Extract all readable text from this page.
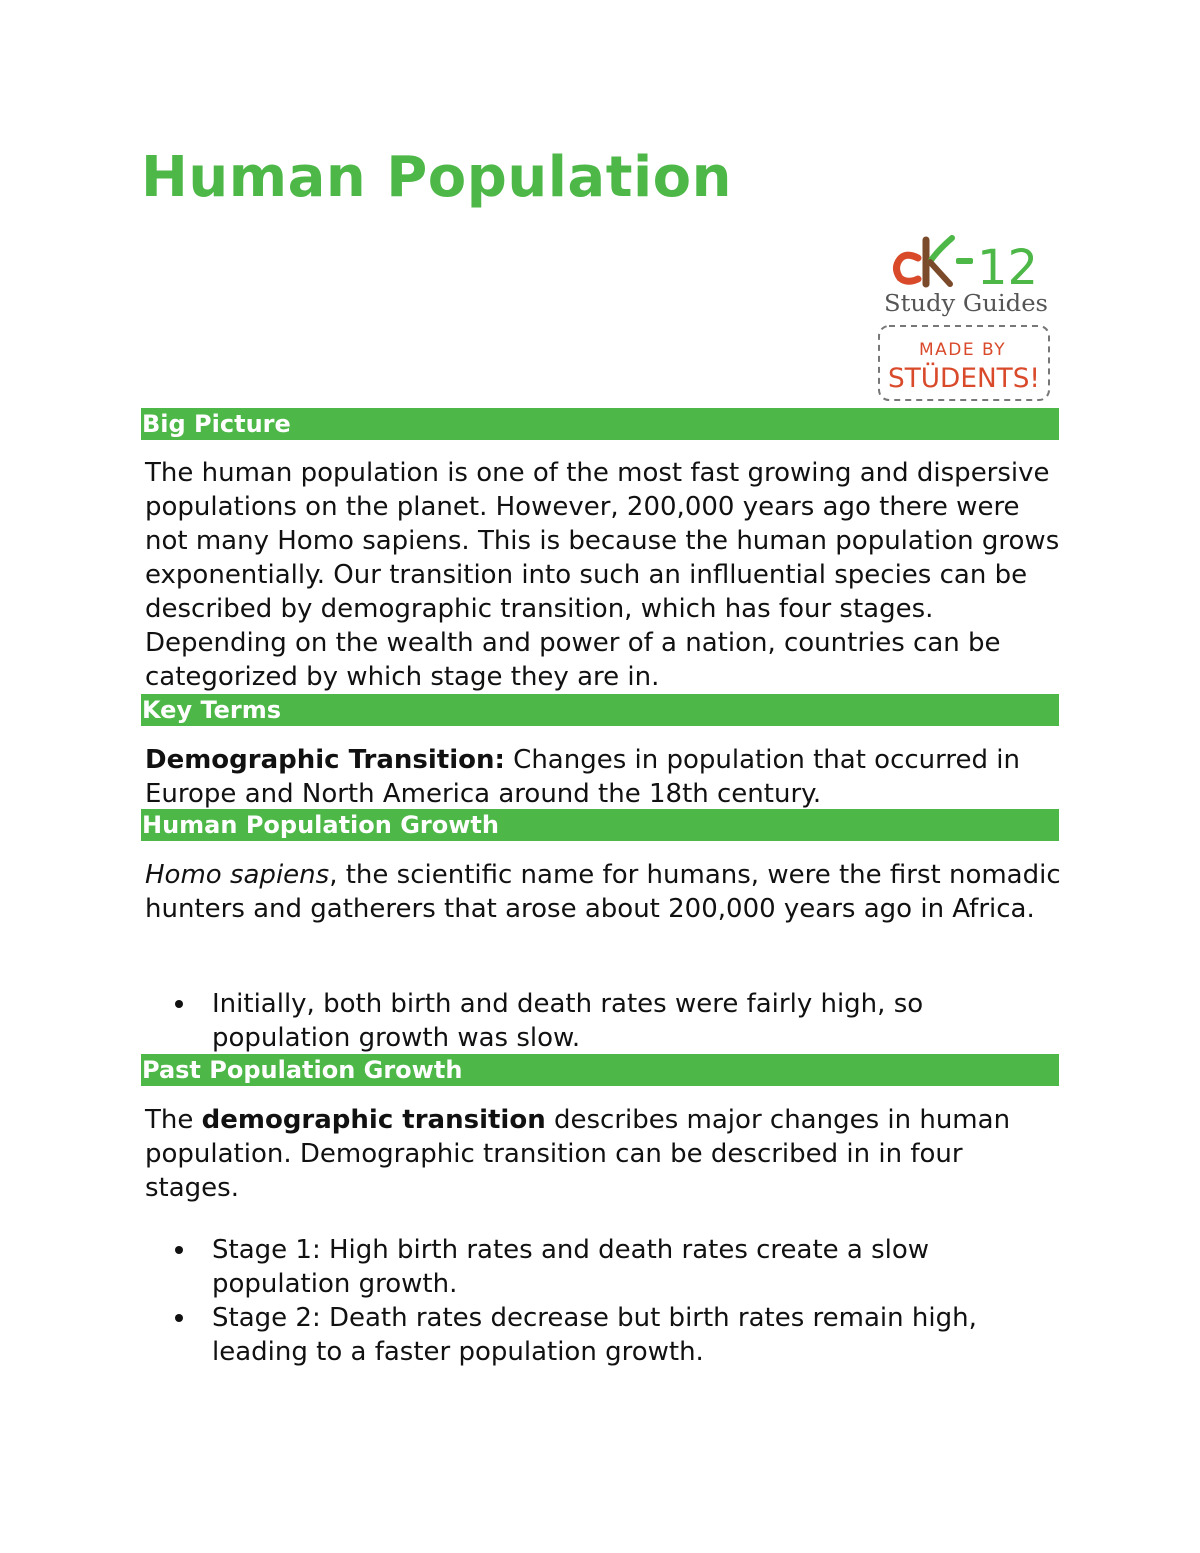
Human Population
12
Study Guides
MADE BY
STÜDENTS!
Big Picture

The human population is one of the most fast growing and dispersive populations on the planet. However, 200,000 years ago there were not many Homo sapiens. This is because the human population grows exponentially. Our transition into such an inflluential species can be described by demographic transition, which has four stages. Depending on the wealth and power of a nation, countries can be categorized by which stage they are in.

Key Terms

Demographic Transition: Changes in population that occurred in Europe and North America around the 18th century.

Human Population Growth

Homo sapiens, the scientific name for humans, were the first nomadic hunters and gatherers that arose about 200,000 years ago in Africa.

Initially, both birth and death rates were fairly high, so population growth was slow.
Past Population Growth

The demographic transition describes major changes in human population. Demographic transition can be described in in four stages.

Stage 1: High birth rates and death rates create a slow population growth.
Stage 2: Death rates decrease but birth rates remain high, leading to a faster population growth.
